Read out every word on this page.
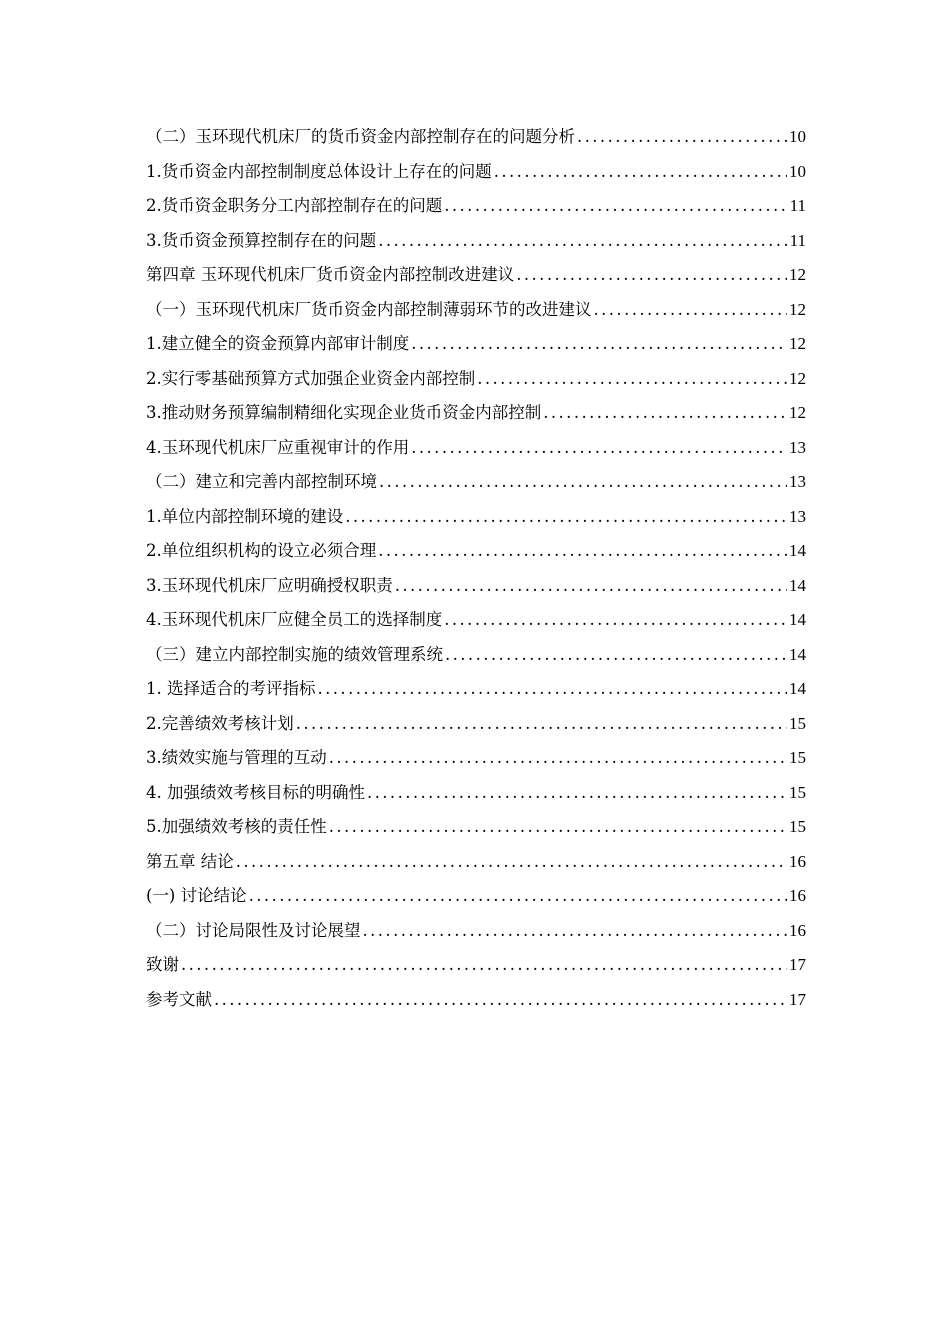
（二）玉环现代机床厂的货币资金内部控制存在的问题分析 .....	10
1.货币资金内部控制制度总体设计上存在的问题 .....	10
2.货币资金职务分工内部控制存在的问题 .....	11
3.货币资金预算控制存在的问题 .....	11
第四章 玉环现代机床厂货币资金内部控制改进建议 .....	12
（一）玉环现代机床厂货币资金内部控制薄弱环节的改进建议 .....	12
1.建立健全的资金预算内部审计制度 .....	12
2.实行零基础预算方式加强企业资金内部控制 .....	12
3.推动财务预算编制精细化实现企业货币资金内部控制 .....	12
4.玉环现代机床厂应重视审计的作用 .....	13
（二）建立和完善内部控制环境 .....	13
1.单位内部控制环境的建设 .....	13
2.单位组织机构的设立必须合理 .....	14
3.玉环现代机床厂应明确授权职责 .....	14
4.玉环现代机床厂应健全员工的选择制度 .....	14
（三）建立内部控制实施的绩效管理系统 .....	14
1. 选择适合的考评指标 .....	14
2.完善绩效考核计划 .....	15
3.绩效实施与管理的互动 .....	15
4. 加强绩效考核目标的明确性 .....	15
5.加强绩效考核的责任性 .....	15
第五章 结论 .....	16
(一) 讨论结论 .....	16
（二）讨论局限性及讨论展望 .....	16
致谢 .....	17
参考文献 .....	17
